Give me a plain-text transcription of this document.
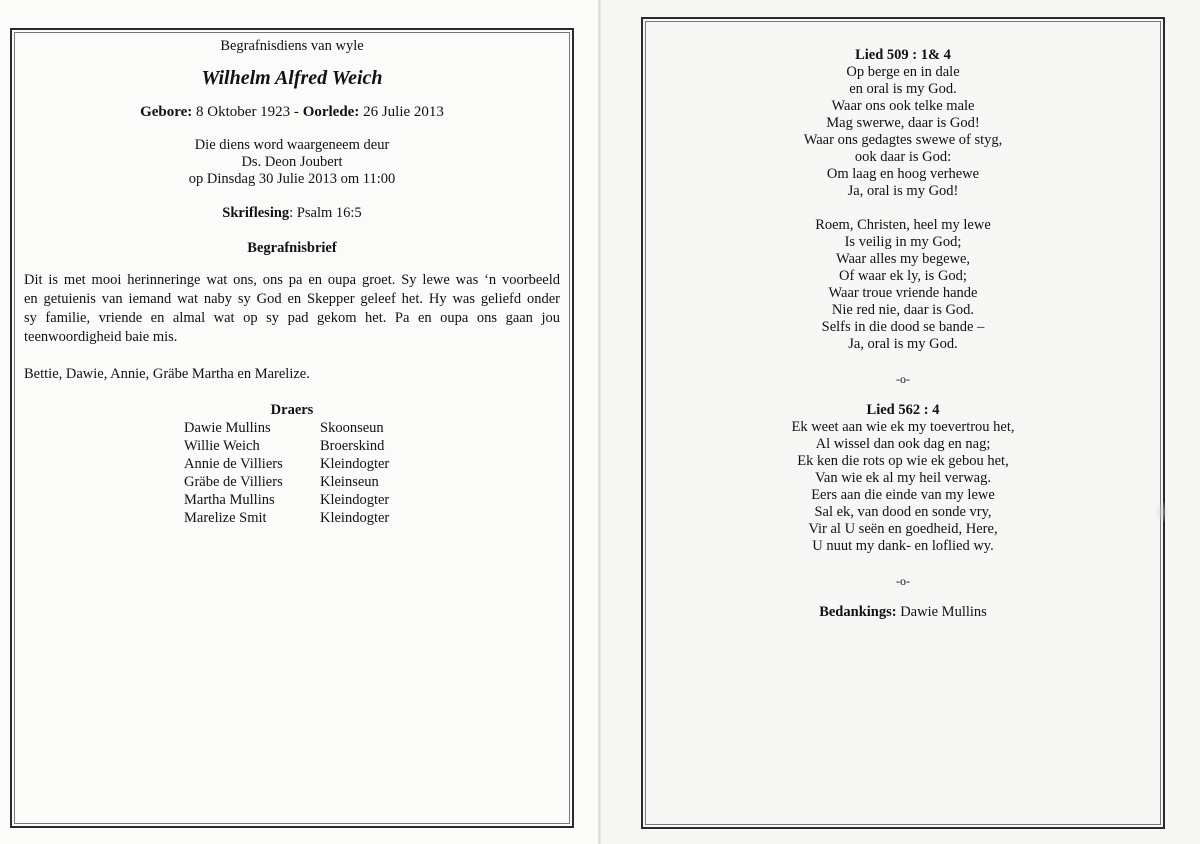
Begrafnisdiens van wyle

Wilhelm Alfred Weich

Gebore: 8 Oktober 1923 - Oorlede: 26 Julie 2013

Die diens word waargeneem deur

Ds. Deon Joubert

op Dinsdag 30 Julie 2013 om 11:00

Skriflesing: Psalm 16:5

Begrafnisbrief

Dit is met mooi herinneringe wat ons, ons pa en oupa groet. Sy lewe was ‘n voorbeeld

en getuienis van iemand wat naby sy God en Skepper geleef het. Hy was geliefd onder

sy familie, vriende en almal wat op sy pad gekom het. Pa en oupa ons gaan jou

teenwoordigheid baie mis.

Bettie, Dawie, Annie, Gräbe Martha en Marelize.

Draers

Dawie Mullins	Skoonseun
Willie Weich	Broerskind
Annie de Villiers	Kleindogter
Gräbe de Villiers	Kleinseun
Martha Mullins	Kleindogter
Marelize Smit	Kleindogter

Lied 509 : 1& 4

Op berge en in dale

en oral is my God.

Waar ons ook telke male

Mag swerwe, daar is God!

Waar ons gedagtes swewe of styg,

ook daar is God:

Om laag en hoog verhewe

Ja, oral is my God!

Roem, Christen, heel my lewe

Is veilig in my God;

Waar alles my begewe,

Of waar ek ly, is God;

Waar troue vriende hande

Nie red nie, daar is God.

Selfs in die dood se bande –

Ja, oral is my God.

-o-

Lied 562 : 4

Ek weet aan wie ek my toevertrou het,

Al wissel dan ook dag en nag;

Ek ken die rots op wie ek gebou het,

Van wie ek al my heil verwag.

Eers aan die einde van my lewe

Sal ek, van dood en sonde vry,

Vir al U seën en goedheid, Here,

U nuut my dank- en loflied wy.

-o-

Bedankings: Dawie Mullins
